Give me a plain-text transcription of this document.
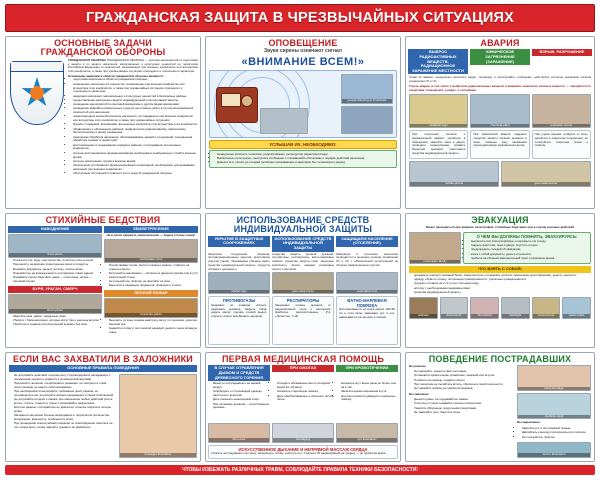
ГРАЖДАНСКАЯ ЗАЩИТА В ЧРЕЗВЫЧАЙНЫХ СИТУАЦИЯХ
ОСНОВНЫЕ ЗАДАЧИ
ГРАЖДАНСКОЙ ОБОРОНЫ
ГРАЖДАНСКАЯ ОБОРОНА ГРАЖДАНСКАЯ ОБОРОНА — система мероприятий по подготовке к защите и по защите населения, материальных и культурных ценностей на территории Российской Федерации от опасностей, возникающих при военных конфликтах или вследствие этих конфликтов, а также при чрезвычайных ситуациях природного и техногенного характера.
Основными задачами в области гражданской обороны являются:
• подготовка населения в области гражданской обороны;
• оповещение населения об опасностях, возникающих при военных конфликтах или вследствие этих конфликтов, а также при чрезвычайных ситуациях природного и техногенного характера;
• эвакуация населения, материальных и культурных ценностей в безопасные районы;
• предоставление населению средств индивидуальной и коллективной защиты;
• проведение мероприятий по световой маскировке и другим видам маскировки;
• проведение аварийно-спасательных и других неотложных работ в случае возникновения опасностей для населения;
• первоочередное жизнеобеспечение населения, пострадавшего при военных конфликтах или вследствие этих конфликтов, а также при чрезвычайных ситуациях;
• борьба с пожарами, возникшими при военных конфликтах или вследствие этих конфликтов;
• обнаружение и обозначение районов, подвергшихся радиоактивному, химическому, биологическому и иному заражению;
• санитарная обработка населения, обеззараживание зданий и сооружений, специальная обработка техники и территорий;
• восстановление и поддержание порядка в районах, пострадавших при военных конфликтах;
• срочное восстановление функционирования необходимых коммунальных служб в военное время;
• срочное захоронение трупов в военное время;
• обеспечение устойчивости функционирования организаций, необходимых для выживания населения при военных конфликтах;
• обеспечение постоянной готовности сил и средств гражданской обороны.
ОПОВЕЩЕНИЕ
Звуки сирены означают сигнал
«ВНИМАНИЕ ВСЕМ!»
people-listening-to-broadcast
УСЛЫШАВ ИХ, НЕОБХОДИМО:
• Немедленно включить телевизор, радиоприёмник, репродуктор радиотрансляции.
• Внимательно прослушать, выслушать сообщение о сложившейся обстановке и порядке действий населения.
• Довести этот сигнал до соседей (особенно проживающих в квартирах без телевизора и радио).
АВАРИЯ
ВЫБРОС РАДИОАКТИВНЫХ ВЕЩЕСТВ, РАДИАЦИОННОЕ ЗАРАЖЕНИЕ МЕСТНОСТИ
ХИМИЧЕСКОЕ ЗАГРЯЗНЕНИЕ (ЗАРАЖЕНИЕ)
ВЗРЫВ, РАЗРУШЕНИЕ
Узнав об аварии, немедленно включите радио, телевизор и прослушайте сообщение, действуйте согласно указаниям органов управления ГО и ЧС.
Угроза аварии, в том числе с выбросом радиоактивных веществ и аварийно химически опасных веществ, — передаётся по средствам оповещения, в радио- и телеэфире.
radiation-sign	chemical-plant	explosion-scene
При получении сигнала о радиационной аварии: укройтесь в помещении, закройте окна и двери, проведите герметизацию, примите йодистый препарат, приготовьте средства индивидуальной защиты.
При химической аварии: наденьте средства защиты органов дыхания и кожи, покиньте зону заражения перпендикулярно направлению ветра.
При угрозе взрыва: отойдите от окон, укройтесь в защитном сооружении, не пользуйтесь открытым огнём и лифтом.
mobile-phone	gas-mask-worker
СТИХИЙНЫЕ БЕДСТВИЯ
НАВОДНЕНИЕ
flood-photo
• Отключите газ, воду, электричество, погасите огонь в печах.
• Перенесите на верхние этажи ценные вещи и продукты.
• Возьмите документы, деньги, аптечку, тёплые вещи.
• Поднимитесь на возвышенность или верхние этажи здания.
• Подавайте сигнал бедствия: днём — полотнище, ночью — световой сигнал.
БУРЯ, УРАГАН, СМЕРЧ
storm-photo
• Закройте окна, двери, чердачные люки.
• Уберите с балконов вещи, которые могут быть унесены ветром.
• Укройтесь в подвале или внутренней комнате без окон.
ЗЕМЛЕТРЯСЕНИЕ
Не в силах сдержать землетрясение — будьте готовы к нему!
earthquake-ruins
• Почувствовав толчки, быстро покиньте здание, отойдите на открытое место.
• Если выйти невозможно — встаньте в дверном проёме или в углу капитальной стены.
• Не пользуйтесь лифтом, не прыгайте из окон.
• Берегитесь падающих предметов, проводов и стекла.
ЛЕСНОЙ ПОЖАР
forest-fire-photo
• Выходите из зоны пожара навстречу ветру по просекам, дорогам, берегам рек.
• Накройте голову и тело мокрой одеждой, дышите через влажную ткань.
ИСПОЛЬЗОВАНИЕ СРЕДСТВ
ИНДИВИДУАЛЬНОЙ ЗАЩИТЫ
УКРЫТИЕ В ЗАЩИТНЫХ СООРУЖЕНИЯХ
ИСПОЛЬЗОВАНИЕ СРЕДСТВ ИНДИВИДУАЛЬНОЙ ЗАЩИТЫ
ЗАЩИЩАЕМ НАСЕЛЕНИЕ (ОТСЕЛЕНИЕ)
Защитные сооружения: убежища, противорадиационные укрытия, простейшие укрытия (щели). Укрываемые обязаны иметь средства индивидуальной защиты, продукты питания и документы.
Средства защиты органов дыхания: противогазы, респираторы, ватно-марлевые повязки. Средства защиты кожи: защитные комплекты, плащи, накидки, резиновые сапоги и перчатки.
Эвакуация и отселение населения проводятся по решению органов управления ГО и ЧС с обязательной регистрацией на сборных эвакуационных пунктах.
shelter-sign	gas-mask-photo	evacuation-bus
ПРОТИВОГАЗЫ
Надевают по команде «Газы!»: задержать дыхание, закрыть глаза, надеть маску, сделать резкий выдох, открыть глаза и возобновить дыхание.
РЕСПИРАТОРЫ
Защищают органы дыхания от радиоактивной пыли и аэрозолей. Наиболее распространены Р-2, «Лепесток», У-2К.
ВАТНО-МАРЛЕВАЯ ПОВЯЗКА
Изготавливается из куска марли 100×50 см и слоя ваты; закрывает рот и нос, завязывается на затылке и темени.
ЭВАКУАЦИЯ
Может проводиться при авариях, катастрофах, стихийных бедствиях или в случае военных действий
evacuation-family
О ЧЁМ ВЫ ДОЛЖНЫ ПОМНИТЬ, ЭВАКУИРУЯСЬ:
• выключить все электроприборы и перекрыть газ и воду;
• закрыть форточки, окна и двери, опустить шторы;
• предупредить соседей об эвакуации;
• взять с собой документы, деньги и ценности;
• прибыть на сборный эвакуационный пункт в указанное время.
ЧТО ВЗЯТЬ С СОБОЙ:
• документы (паспорт, военный билет, свидетельство о рождении, диплом, пенсионное удостоверение), деньги, ценности;
• одежду, обувь по сезону, постельные принадлежности, туалетные принадлежности;
• продукты питания на 2–3 суток и питьевую воду;
• аптечку с необходимыми медикаментами;
• средства индивидуальной защиты.
suitcase	documents	first-aid-kit	flashlight	canned-food	water-bottle
ЕСЛИ ВАС ЗАХВАТИЛИ В ЗАЛОЖНИКИ
ОСНОВНЫЕ ПРАВИЛА ПОВЕДЕНИЯ
• Не допускайте действий, которые могут спровоцировать нападающих к применению оружия и привести к человеческим жертвам.
• Переносите лишения, оскорбления и унижения, не смотрите в глаза преступникам, не ведите себя вызывающе.
• При необходимости выполняйте требования преступников, не противоречьте им, не рискуйте жизнью окружающих и своей собственной.
• Не допускайте истерик и паники. На совершение любых действий (сесть, встать, попить, сходить в туалет) спрашивайте разрешение.
• Если вы ранены, постарайтесь не двигаться, этим вы сократите потерю крови.
• Запомните как можно больше информации о террористах (количество, вооружение, внешность, особенности речи).
• При проведении спецслужбами операции по освобождению ложитесь на пол лицом вниз, голову закройте руками и не двигайтесь.
hostages-illustration
ПЕРВАЯ МЕДИЦИНСКАЯ ПОМОЩЬ
В СЛУЧАЕ ОТРАВЛЕНИЯ ДЫМОМ И СРЕДСТВ ДРЕВЕСНОГО ГОРЕНИЯ
ПРИ ОЖОГАХ	ПРИ КРОВОТЕЧЕНИИ
• Вынести пострадавшего на свежий воздух.
• Освободить от стесняющей одежды, расстегнуть воротник.
• Дать понюхать нашатырный спирт.
• При остановке дыхания — искусственное дыхание.
• Охладить обожжённое место холодной водой 10–15 минут.
• Наложить стерильную повязку.
• Дать обезболивающее и обильное тёплое питьё.
• Наложить жгут выше раны не более чем на 1 час.
• Записать время наложения жгута.
• На рану наложить давящую стерильную повязку.
burn-care	bandaging	cpr-illustration
ИСКУССТВЕННОЕ ДЫХАНИЕ И НЕПРЯМОЙ МАССАЖ СЕРДЦА
Уложить пострадавшего на спину, запрокинуть голову, очистить рот; 2 вдоха и 30 надавливаний на грудину — до прибытия врача.
ПОВЕДЕНИЕ ПОСТРАДАВШИХ
Вы ранены:
• Не паникуйте, оцените своё состояние.
• Остановите кровотечение прижатием, повязкой или жгутом.
• Позовите на помощь, подайте сигнал.
• При переломе не пытайтесь встать, обеспечьте покой конечности.
• Не снимайте повязку до прибытия медиков.
Вы завалены:
• Дышите ровно, не поддавайтесь панике.
• Голосом и стуком подавайте сигналы спасателям.
• Укрепите обрушение подручными средствами.
• Не зажигайте огня, берегите силы.
hand-bandage
medical-mask
Вы задымлены:
• Закройте рот и нос влажной тканью.
• Двигайтесь к выходу пригнувшись или ползком.
• Не пользуйтесь лифтом.
doctor-illustration
ЧТОБЫ ИЗБЕЖАТЬ РАЗЛИЧНЫХ ТРАВМ, СОБЛЮДАЙТЕ ПРАВИЛА ТЕХНИКИ БЕЗОПАСНОСТИ!
